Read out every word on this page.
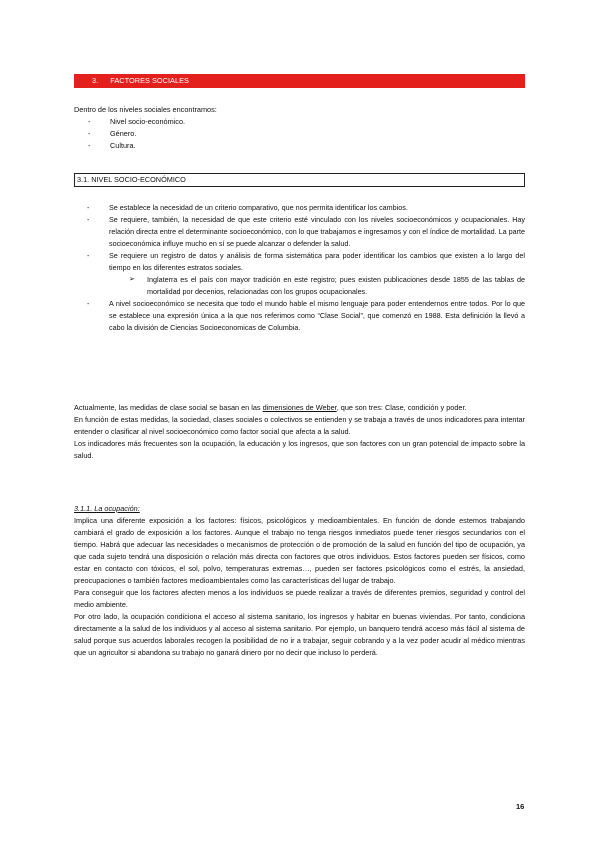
3. FACTORES SOCIALES

Dentro de los niveles sociales encontramos:

-	Nivel socio-económico.
-	Género.
-	Cultura.
3.1. NIVEL SOCIO-ECONÓMICO
-	Se establece la necesidad de un criterio comparativo, que nos permita identificar los cambios.
-	Se requiere, también, la necesidad de que este criterio esté vinculado con los niveles socioeconómicos y ocupacionales. Hay relación directa entre el determinante socioeconómico, con lo que trabajamos e ingresamos y con el índice de mortalidad. La parte socioeconómica influye mucho en sí se puede alcanzar o defender la salud.
-	Se requiere un registro de datos y análisis de forma sistemática para poder identificar los cambios que existen a lo largo del tiempo en los diferentes estratos sociales.
➢ Inglaterra es el país con mayor tradición en este registro; pues existen publicaciones desde 1855 de las tablas de mortalidad por decenios, relacionadas con los grupos ocupacionales.
-	A nivel socioeconómico se necesita que todo el mundo hable el mismo lenguaje para poder entendernos entre todos. Por lo que se establece una expresión única a la que nos referimos como “Clase Social”, que comenzó en 1988. Esta definición la llevó a cabo la división de Ciencias Socioeconomicas de Columbia.
Actualmente, las medidas de clase social se basan en las dimensiones de Weber, que son tres: Clase, condición y poder.
En función de estas medidas, la sociedad, clases sociales o colectivos se entienden y se trabaja a través de unos indicadores para intentar entender o clasificar al nivel socioeconómico como factor social que afecta a la salud.
Los indicadores más frecuentes son la ocupación, la educación y los ingresos, que son factores con un gran potencial de impacto sobre la salud.
3.1.1. La ocupación:
Implica una diferente exposición a los factores: físicos, psicológicos y medioambientales. En función de donde estemos trabajando cambiará el grado de exposición a los factores. Aunque el trabajo no tenga riesgos inmediatos puede tener riesgos secundarios con el tiempo. Habrá que adecuar las necesidades o mecanismos de protección o de promoción de la salud en función del tipo de ocupación, ya que cada sujeto tendrá una disposición o relación más directa con factores que otros individuos. Estos factores pueden ser físicos, como estar en contacto con tóxicos, el sol, polvo, temperaturas extremas…, pueden ser factores psicológicos como el estrés, la ansiedad, preocupaciones o también factores medioambientales como las características del lugar de trabajo.
Para conseguir que los factores afecten menos a los individuos se puede realizar a través de diferentes premios, seguridad y control del medio ambiente.
Por otro lado, la ocupación condiciona el acceso al sistema sanitario, los ingresos y habitar en buenas viviendas. Por tanto, condiciona directamente a la salud de los individuos y al acceso al sistema sanitario. Por ejemplo, un banquero tendrá acceso más fácil al sistema de salud porque sus acuerdos laborales recogen la posibilidad de no ir a trabajar, seguir cobrando y a la vez poder acudir al médico mientras que un agricultor si abandona su trabajo no ganará dinero por no decir que incluso lo perderá.
16
